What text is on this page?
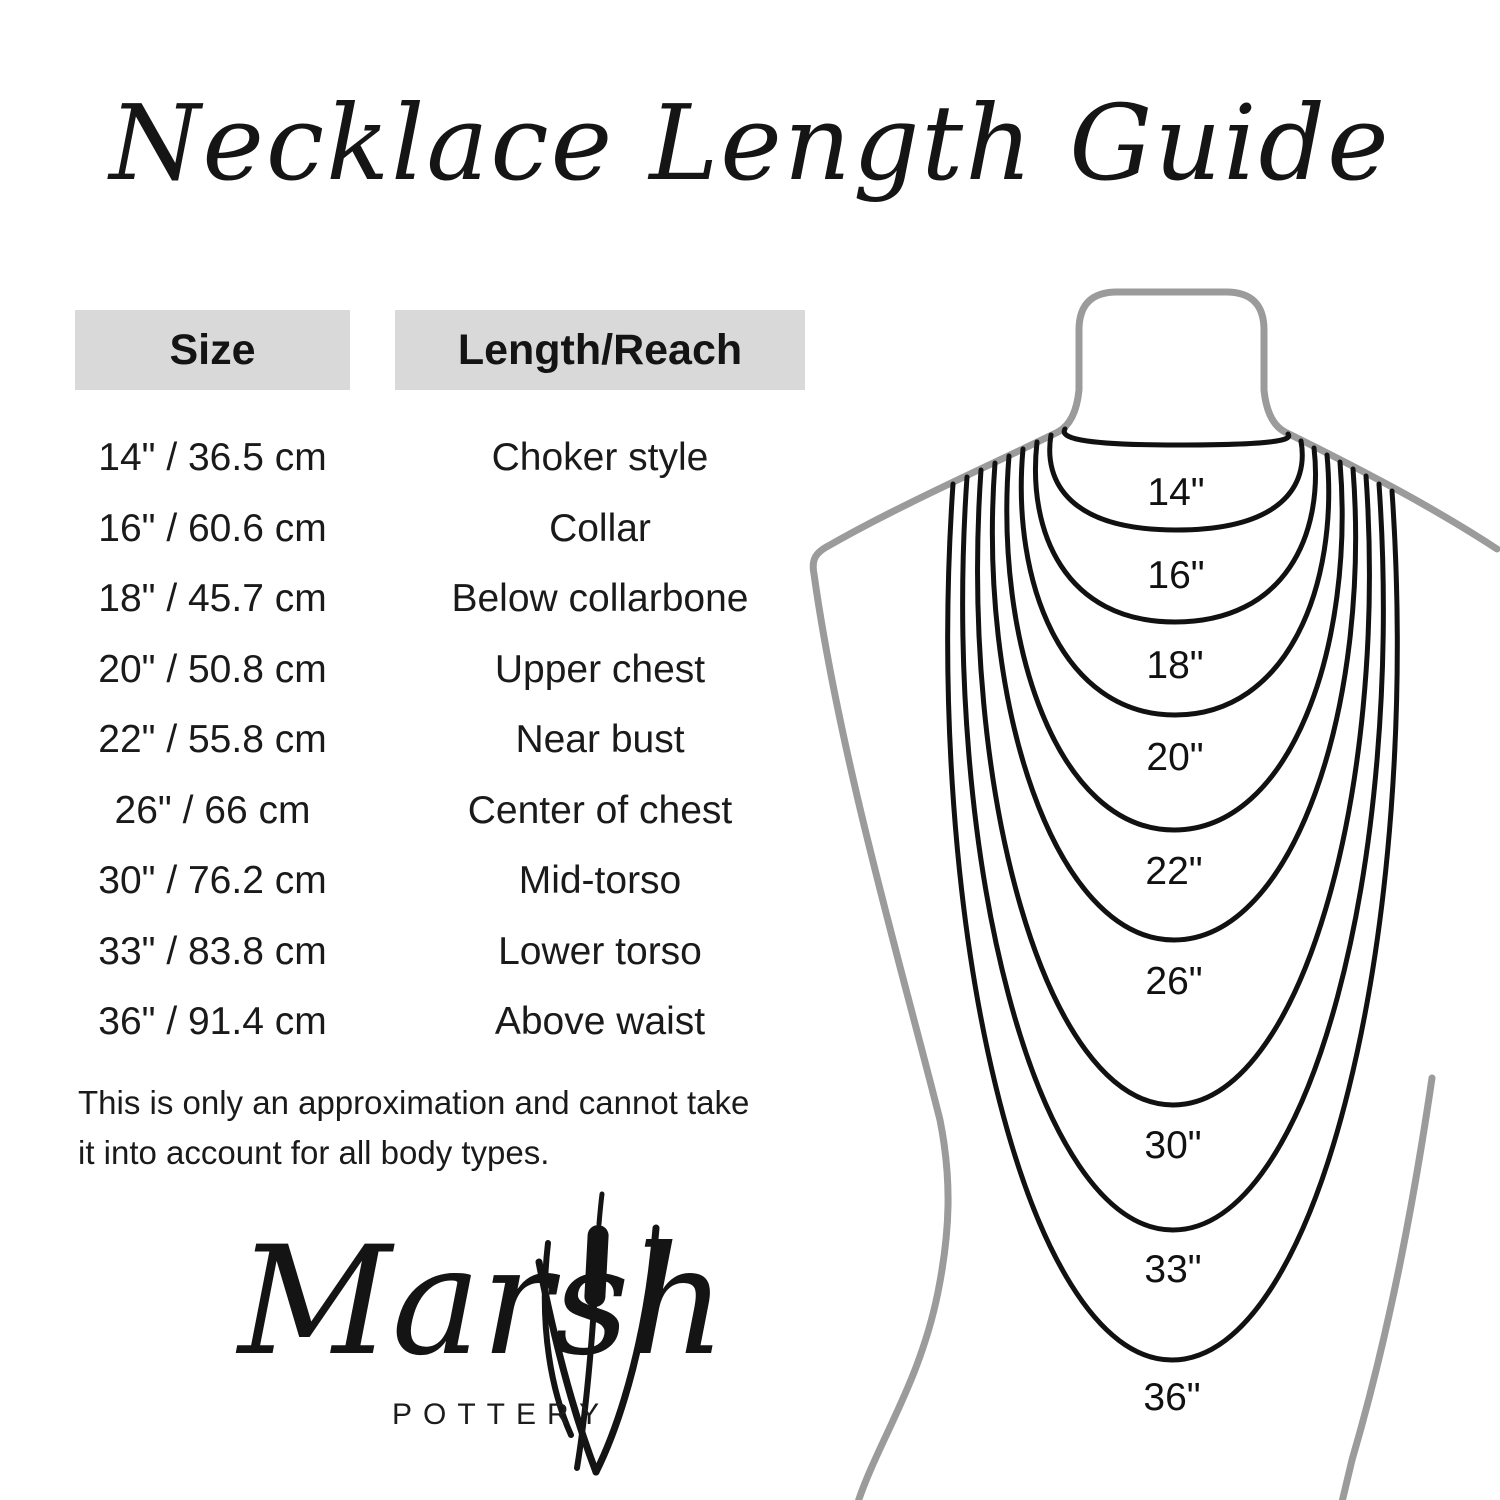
Necklace Length Guide
Size	Length/Reach
14" / 36.5 cm	Choker style
16" / 60.6 cm	Collar
18" / 45.7 cm	Below collarbone
20" / 50.8 cm	Upper chest
22" / 55.8 cm	Near bust
26" / 66 cm	Center of chest
30" / 76.2 cm	Mid-torso
33" / 83.8 cm	Lower torso
36" / 91.4 cm	Above waist
This is only an approximation and cannot take it into account for all body types.
14"
16"
18"
20"
22"
26"
30"
33"
36"
Marsh
POTTERY
